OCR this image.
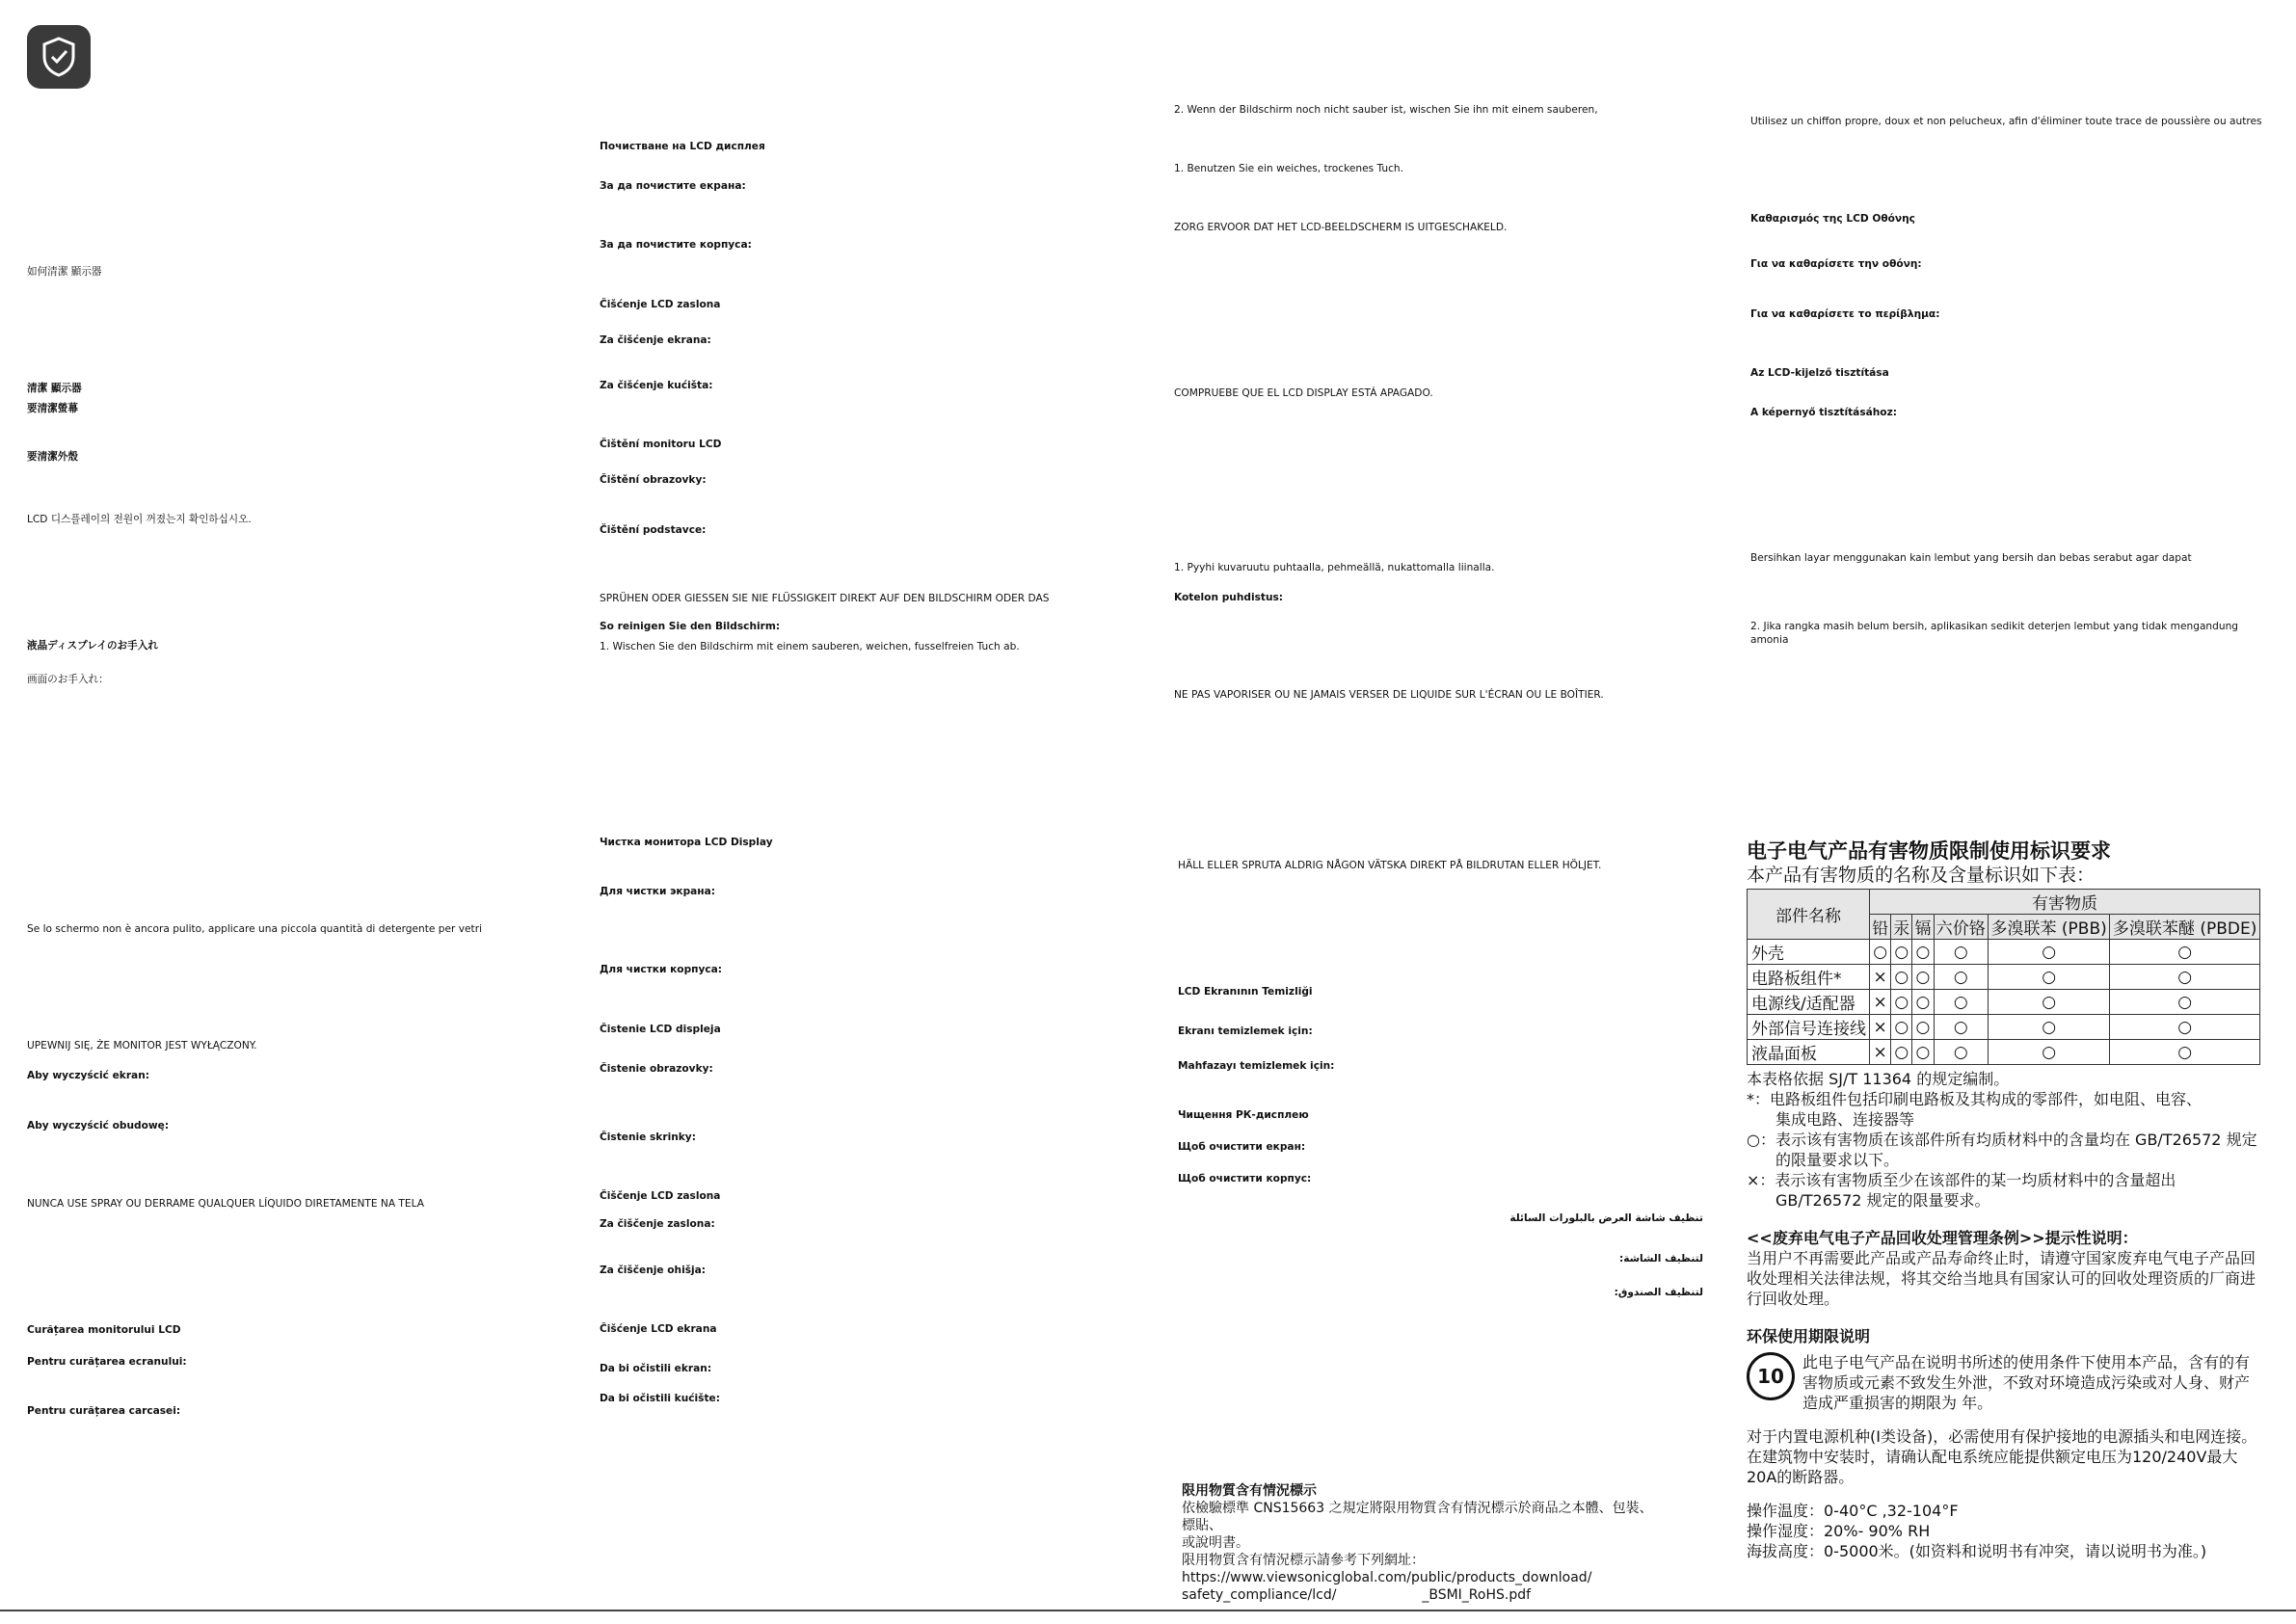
如何清潔 顯示器

清潔 顯示器

要清潔螢幕

要清潔外殼

LCD 디스플레이의 전원이 꺼졌는지 확인하십시오.

液晶ディスプレイのお手入れ

画面のお手入れ：

Почистване на LCD дисплея

За да почистите екрана:

За да почистите корпуса:

Čišćenje LCD zaslona

Za čišćenje ekrana:

Za čišćenje kućišta:

Čištění monitoru LCD

Čištění obrazovky:

Čištění podstavce:

SPRÜHEN ODER GIESSEN SIE NIE FLÜSSIGKEIT DIREKT AUF DEN BILDSCHIRM ODER DAS

So reinigen Sie den Bildschirm:

1. Wischen Sie den Bildschirm mit einem sauberen, weichen, fusselfreien Tuch ab.

2. Wenn der Bildschirm noch nicht sauber ist, wischen Sie ihn mit einem sauberen,

1. Benutzen Sie ein weiches, trockenes Tuch.

ZORG ERVOOR DAT HET LCD-BEELDSCHERM IS UITGESCHAKELD.

COMPRUEBE QUE EL LCD DISPLAY ESTÁ APAGADO.

1. Pyyhi kuvaruutu puhtaalla, pehmeällä, nukattomalla liinalla.

Kotelon puhdistus:

NE PAS VAPORISER OU NE JAMAIS VERSER DE LIQUIDE SUR L'ÉCRAN OU LE BOÎTIER.

Utilisez un chiffon propre, doux et non pelucheux, afin d'éliminer toute trace de poussière ou autres

Καθαρισμός της LCD Οθόνης

Για να καθαρίσετε την οθόνη:

Για να καθαρίσετε το περίβλημα:

Az LCD-kijelző tisztítása

A képernyő tisztításához:

Bersihkan layar menggunakan kain lembut yang bersih dan bebas serabut agar dapat

2. Jika rangka masih belum bersih, aplikasikan sedikit deterjen lembut yang tidak mengandung amonia

Se lo schermo non è ancora pulito, applicare una piccola quantità di detergente per vetri

UPEWNIJ SIĘ, ŻE MONITOR JEST WYŁĄCZONY.

Aby wyczyścić ekran:

Aby wyczyścić obudowę:

NUNCA USE SPRAY OU DERRAME QUALQUER LÍQUIDO DIRETAMENTE NA TELA

Curățarea monitorului LCD

Pentru curățarea ecranului:

Pentru curățarea carcasei:

Чистка монитора LCD Display

Для чистки экрана:

Для чистки корпуса:

Čistenie LCD displeja

Čistenie obrazovky:

Čistenie skrinky:

Čiščenje LCD zaslona

Za čiščenje zaslona:

Za čiščenje ohišja:

Čišćenje LCD ekrana

Da bi očistili ekran:

Da bi očistili kućište:

HÄLL ELLER SPRUTA ALDRIG NÅGON VÄTSKA DIREKT PÅ BILDRUTAN ELLER HÖLJET.

LCD Ekranının Temizliği

Ekranı temizlemek için:

Mahfazayı temizlemek için:

Чищення РК-дисплею

Щоб очистити екран:

Щоб очистити корпус:

تنظيف شاشة العرض بالبلورات السائلة

لتنظيف الشاشة:

لتنظيف الصندوق:

限用物質含有情況標示
依檢驗標準 CNS15663 之規定將限用物質含有情況標示於商品之本體、包裝、標貼、
或說明書。
限用物質含有情況標示請參考下列網址：
https://www.viewsonicglobal.com/public/products_download/
safety_compliance/lcd/	_BSMI_RoHS.pdf
电子电气产品有害物质限制使用标识要求
本产品有害物质的名称及含量标识如下表：
部件名称	有害物质					
	铅	汞	镉	六价铬	多溴联苯 (PBB)	多溴联苯醚 (PBDE)
外壳	○	○	○	○	○	○
电路板组件*	×	○	○	○	○	○
电源线/适配器	×	○	○	○	○	○
外部信号连接线	×	○	○	○	○	○
液晶面板	×	○	○	○	○	○
本表格依据 SJ/T 11364 的规定编制。
*：电路板组件包括印刷电路板及其构成的零部件，如电阻、电容、
集成电路、连接器等
○：表示该有害物质在该部件所有均质材料中的含量均在 GB/T26572 规定
的限量要求以下。
×：表示该有害物质至少在该部件的某一均质材料中的含量超出
GB/T26572 规定的限量要求。
<<废弃电气电子产品回收处理管理条例>>提示性说明：
当用户不再需要此产品或产品寿命终止时，请遵守国家废弃电气电子产品回收处理相关法律法规，将其交给当地具有国家认可的回收处理资质的厂商进行回收处理。
环保使用期限说明
10
此电子电气产品在说明书所述的使用条件下使用本产品，含有的有害物质或元素不致发生外泄，不致对环境造成污染或对人身、财产造成严重损害的期限为 年。
对于内置电源机种(I类设备)，必需使用有保护接地的电源插头和电网连接。在建筑物中安装时，请确认配电系统应能提供额定电压为120/240V最大20A的断路器。
操作温度：0-40°C ,32-104°F
操作湿度：20%- 90% RH
海拔高度：0-5000米。(如资料和说明书有冲突，请以说明书为准。)
